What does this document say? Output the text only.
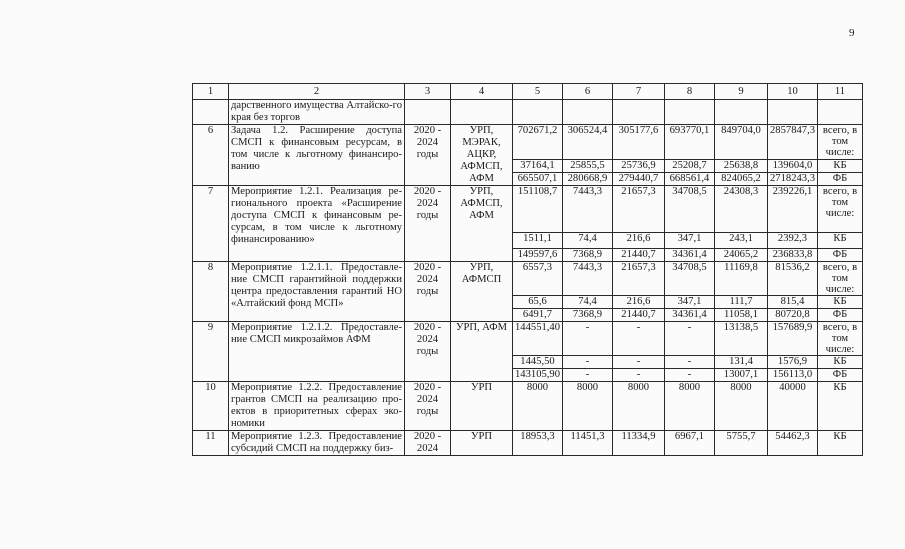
9
1	2	3	4	5	6	7	8	9	10	11
	дарственного имущества Алтайско-го края без торгов									
6	Задача 1.2. Расширение доступа СМСП к финансовым ресурсам, в том числе к льготному финансиро-ванию	2020 - 2024 годы	УРП, МЭРАК, АЦКР, АФМСП, АФМ	702671,2	306524,4	305177,6	693770,1	849704,0	2857847,3	всего, в том числе:
				37164,1	25855,5	25736,9	25208,7	25638,8	139604,0	КБ
				665507,1	280668,9	279440,7	668561,4	824065,2	2718243,3	ФБ
7	Мероприятие 1.2.1. Реализация ре-гионального проекта «Расширение доступа СМСП к финансовым ре-сурсам, в том числе к льготному финансированию»	2020 - 2024 годы	УРП, АФМСП, АФМ	151108,7	7443,3	21657,3	34708,5	24308,3	239226,1	всего, в том числе:
				1511,1	74,4	216,6	347,1	243,1	2392,3	КБ
				149597,6	7368,9	21440,7	34361,4	24065,2	236833,8	ФБ
8	Мероприятие 1.2.1.1. Предоставле-ние СМСП гарантийной поддержки центра предоставления гарантий НО «Алтайский фонд МСП»	2020 - 2024 годы	УРП, АФМСП	6557,3	7443,3	21657,3	34708,5	11169,8	81536,2	всего, в том числе:
				65,6	74,4	216,6	347,1	111,7	815,4	КБ
				6491,7	7368,9	21440,7	34361,4	11058,1	80720,8	ФБ
9	Мероприятие 1.2.1.2. Предоставле-ние СМСП микрозаймов АФМ	2020 - 2024 годы	УРП, АФМ	144551,40	-	-	-	13138,5	157689,9	всего, в том числе:
				1445,50	-	-	-	131,4	1576,9	КБ
				143105,90	-	-	-	13007,1	156113,0	ФБ
10	Мероприятие 1.2.2. Предоставление грантов СМСП на реализацию про-ектов в приоритетных сферах эко-номики	2020 - 2024 годы	УРП	8000	8000	8000	8000	8000	40000	КБ
11	Мероприятие 1.2.3. Предоставление субсидий СМСП на поддержку биз-	2020 - 2024	УРП	18953,3	11451,3	11334,9	6967,1	5755,7	54462,3	КБ
